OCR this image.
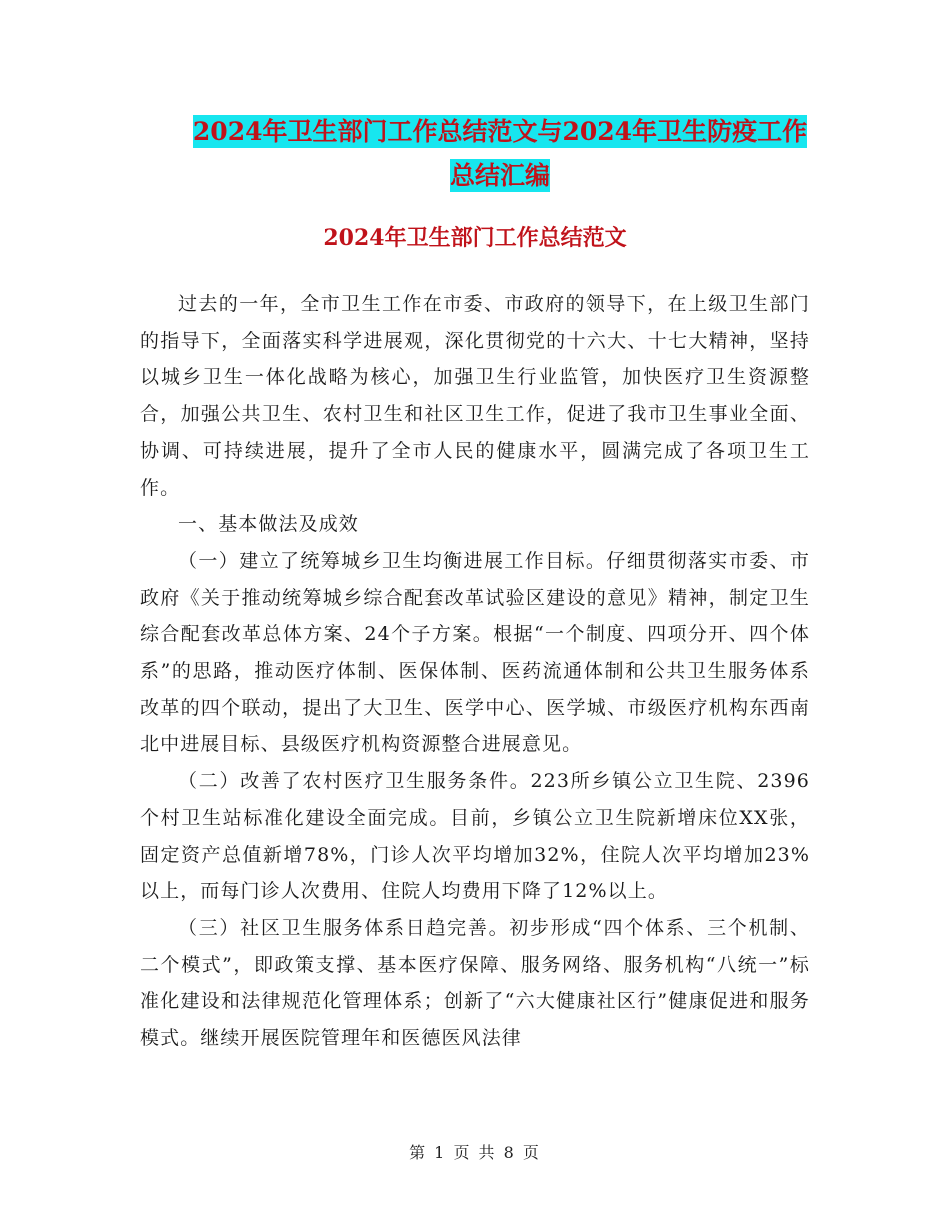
2024年卫生部门工作总结范文与2024年卫生防疫工作
总结汇编
2024年卫生部门工作总结范文

过去的一年，全市卫生工作在市委、市政府的领导下，在上级卫生部门的指导下，全面落实科学进展观，深化贯彻党的十六大、十七大精神，坚持以城乡卫生一体化战略为核心，加强卫生行业监管，加快医疗卫生资源整合，加强公共卫生、农村卫生和社区卫生工作，促进了我市卫生事业全面、协调、可持续进展，提升了全市人民的健康水平，圆满完成了各项卫生工作。

一、基本做法及成效

（一）建立了统筹城乡卫生均衡进展工作目标。仔细贯彻落实市委、市政府《关于推动统筹城乡综合配套改革试验区建设的意见》精神，制定卫生综合配套改革总体方案、24个子方案。根据“一个制度、四项分开、四个体系”的思路，推动医疗体制、医保体制、医药流通体制和公共卫生服务体系改革的四个联动，提出了大卫生、医学中心、医学城、市级医疗机构东西南北中进展目标、县级医疗机构资源整合进展意见。

（二）改善了农村医疗卫生服务条件。223所乡镇公立卫生院、2396个村卫生站标准化建设全面完成。目前，乡镇公立卫生院新增床位XX张，固定资产总值新增78%，门诊人次平均增加32%，住院人次平均增加23%以上，而每门诊人次费用、住院人均费用下降了12%以上。

（三）社区卫生服务体系日趋完善。初步形成“四个体系、三个机制、二个模式”，即政策支撑、基本医疗保障、服务网络、服务机构“八统一”标准化建设和法律规范化管理体系；创新了“六大健康社区行”健康促进和服务模式。继续开展医院管理年和医德医风法律

第 1 页 共 8 页
